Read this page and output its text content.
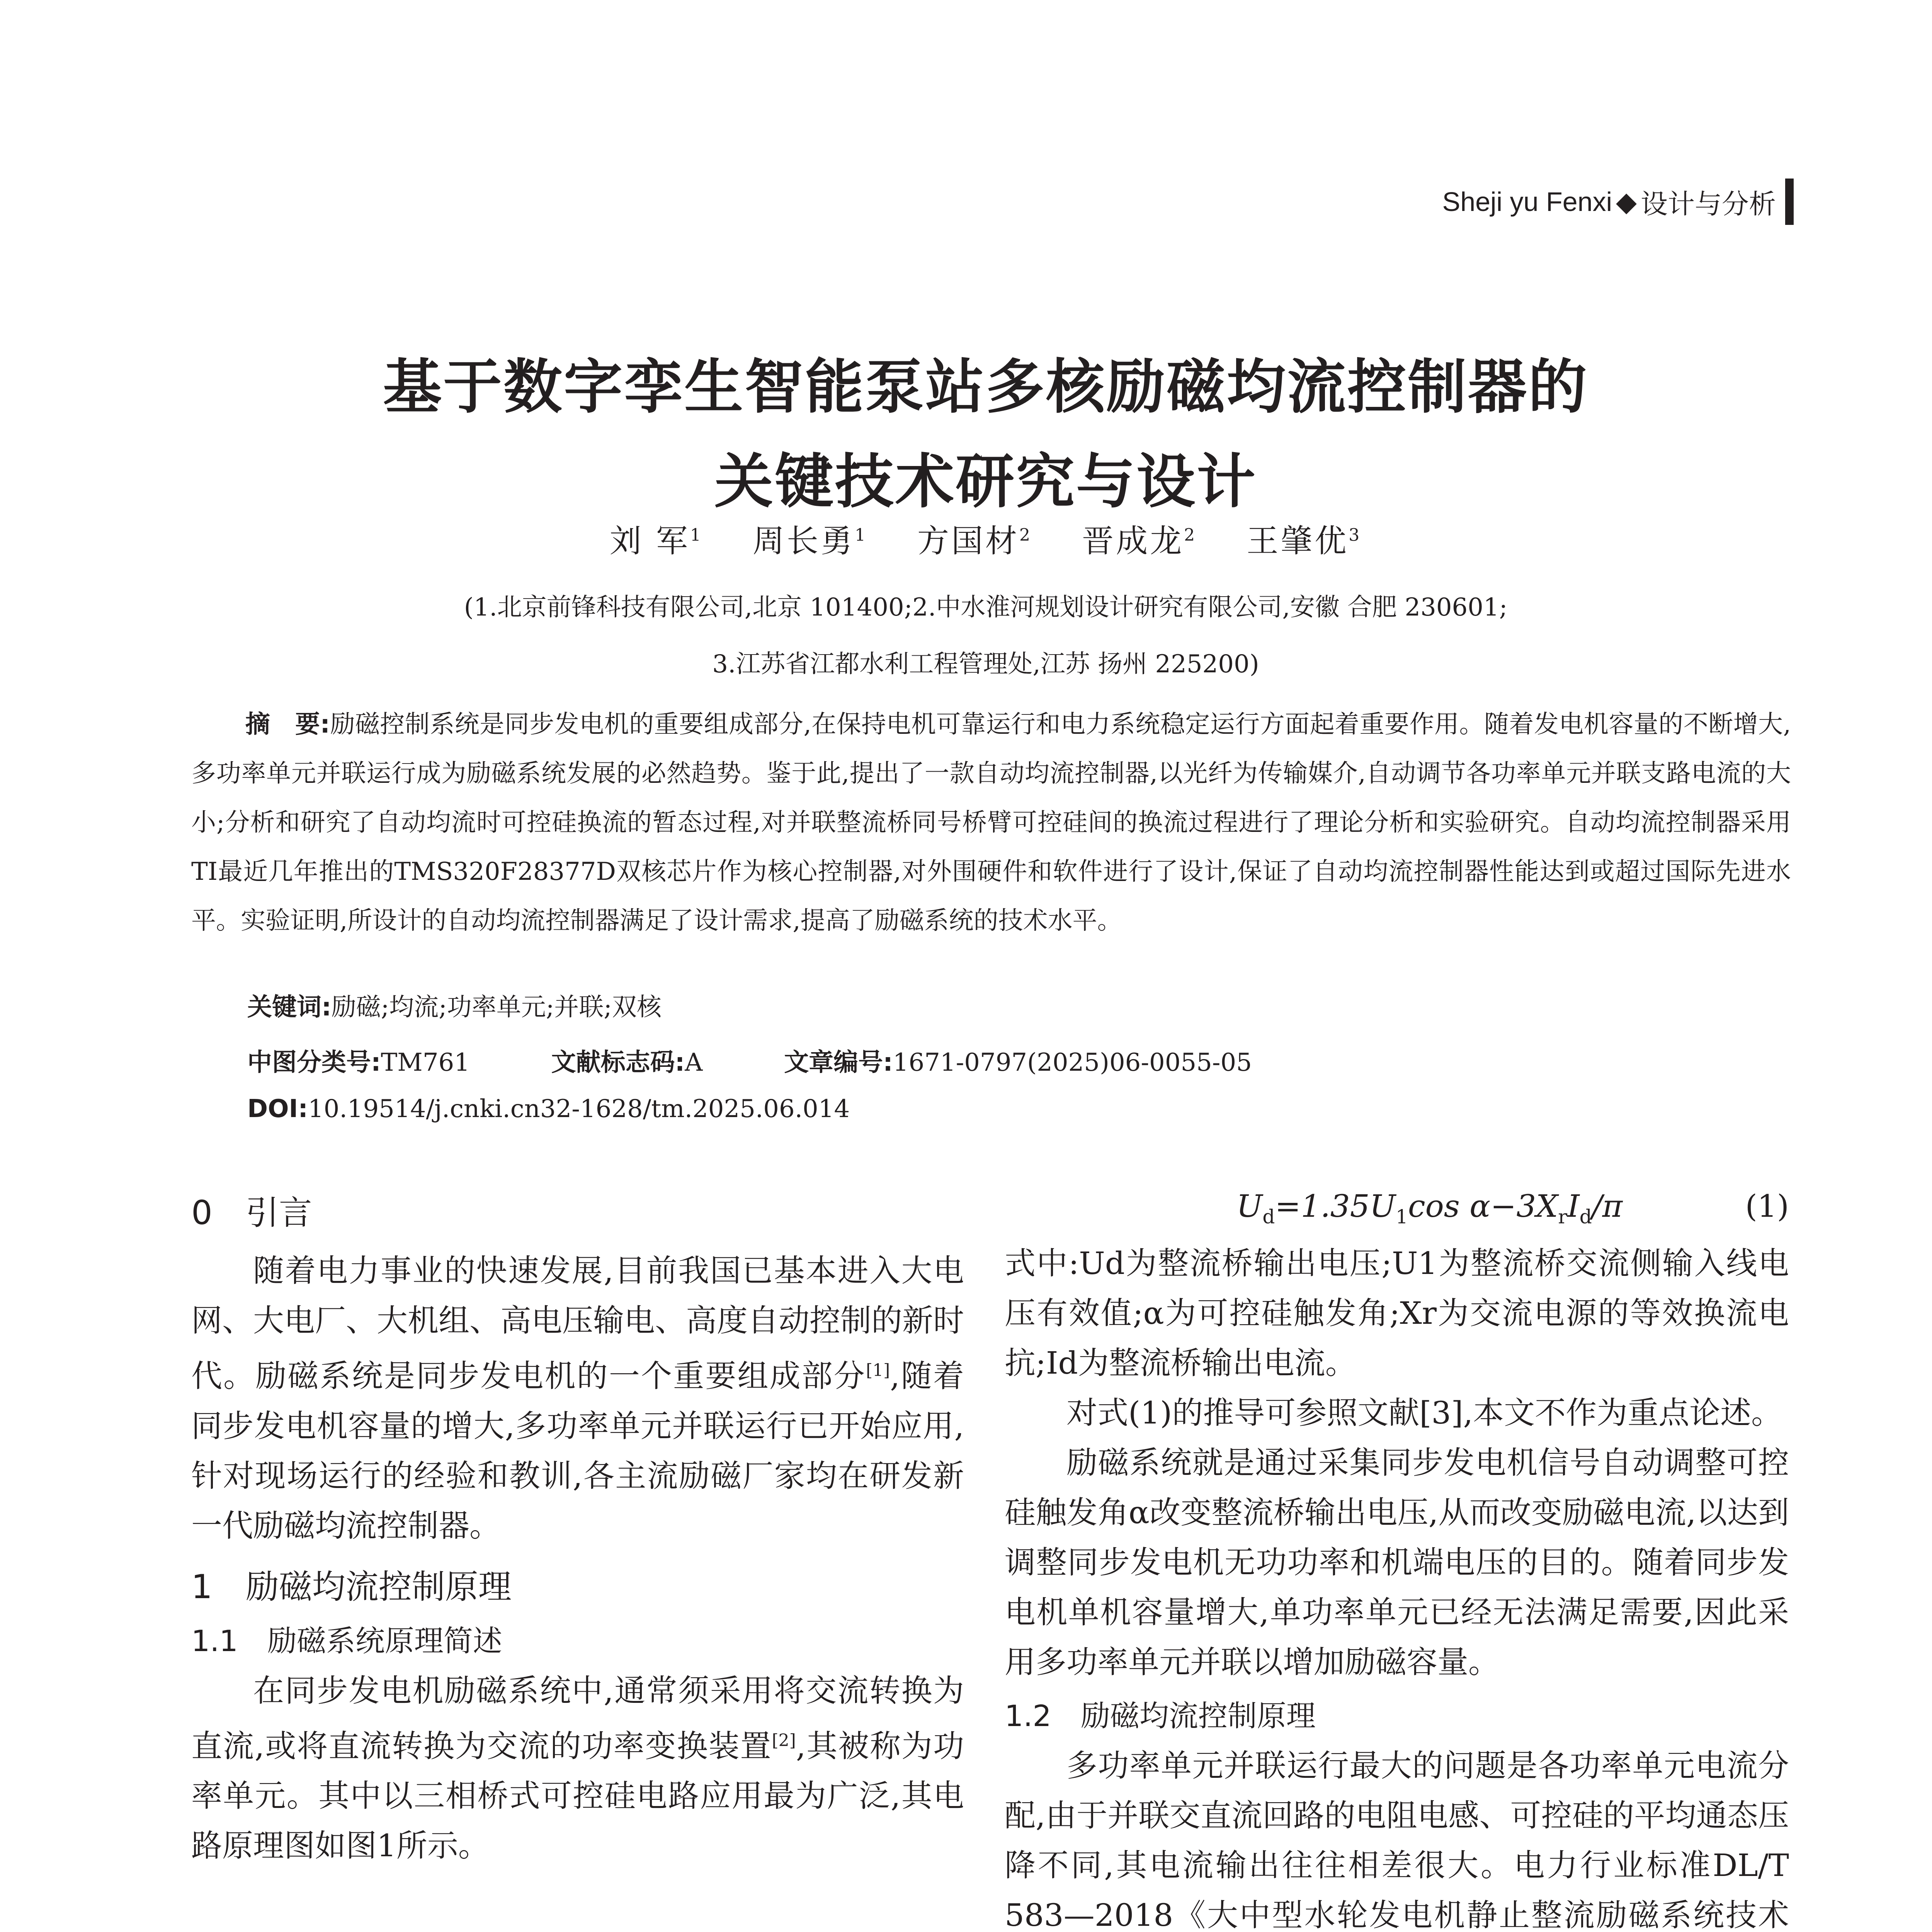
Sheji yu Fenxi ◆ 设计与分析
基于数字孪生智能泵站多核励磁均流控制器的
关键技术研究与设计
刘 军$^1$ 周长勇$^1$ 方国材$^2$ 晋成龙$^2$ 王肇优$^3$
(1.北京前锋科技有限公司,北京 101400;2.中水淮河规划设计研究有限公司,安徽 合肥 230601;
3.江苏省江都水利工程管理处,江苏 扬州 225200)
摘　要:励磁控制系统是同步发电机的重要组成部分,在保持电机可靠运行和电力系统稳定运行方面起着重要作用。随着发电机容量的不断增大,多功率单元并联运行成为励磁系统发展的必然趋势。鉴于此,提出了一款自动均流控制器,以光纤为传输媒介,自动调节各功率单元并联支路电流的大小;分析和研究了自动均流时可控硅换流的暂态过程,对并联整流桥同号桥臂可控硅间的换流过程进行了理论分析和实验研究。自动均流控制器采用TI最近几年推出的TMS320F28377D双核芯片作为核心控制器,对外围硬件和软件进行了设计,保证了自动均流控制器性能达到或超过国际先进水平。实验证明,所设计的自动均流控制器满足了设计需求,提高了励磁系统的技术水平。
关键词:励磁;均流;功率单元;并联;双核
中图分类号:TM761	文献标志码:A	文章编号:1671-0797(2025)06-0055-05
DOI:10.19514/j.cnki.cn32-1628/tm.2025.06.014

0　引言

随着电力事业的快速发展,目前我国已基本进入大电网、大电厂、大机组、高电压输电、高度自动控制的新时代。励磁系统是同步发电机的一个重要组成部分[1],随着同步发电机容量的增大,多功率单元并联运行已开始应用,针对现场运行的经验和教训,各主流励磁厂家均在研发新一代励磁均流控制器。

1　励磁均流控制原理

1.1　励磁系统原理简述

在同步发电机励磁系统中,通常须采用将交流转换为直流,或将直流转换为交流的功率变换装置[2],其被称为功率单元。其中以三相桥式可控硅电路应用最为广泛,其电路原理图如图1所示。

$U_d=1.35U_1\cos$ $\alpha-3X_rI_d/\pi$	(1)

式中:Ud为整流桥输出电压;U1为整流桥交流侧输入线电压有效值;α为可控硅触发角;Xr为交流电源的等效换流电抗;Id为整流桥输出电流。

对式(1)的推导可参照文献[3],本文不作为重点论述。

励磁系统就是通过采集同步发电机信号自动调整可控硅触发角α改变整流桥输出电压,从而改变励磁电流,以达到调整同步发电机无功功率和机端电压的目的。随着同步发电机单机容量增大,单功率单元已经无法满足需要,因此采用多功率单元并联以增加励磁容量。

1.2　励磁均流控制原理

多功率单元并联运行最大的问题是各功率单元电流分配,由于并联交直流回路的电阻电感、可控硅的平均通态压降不同,其电流输出往往相差很大。电力行业标准DL/T 583—2018《大中型水轮发电机静止整流励磁系统技术
